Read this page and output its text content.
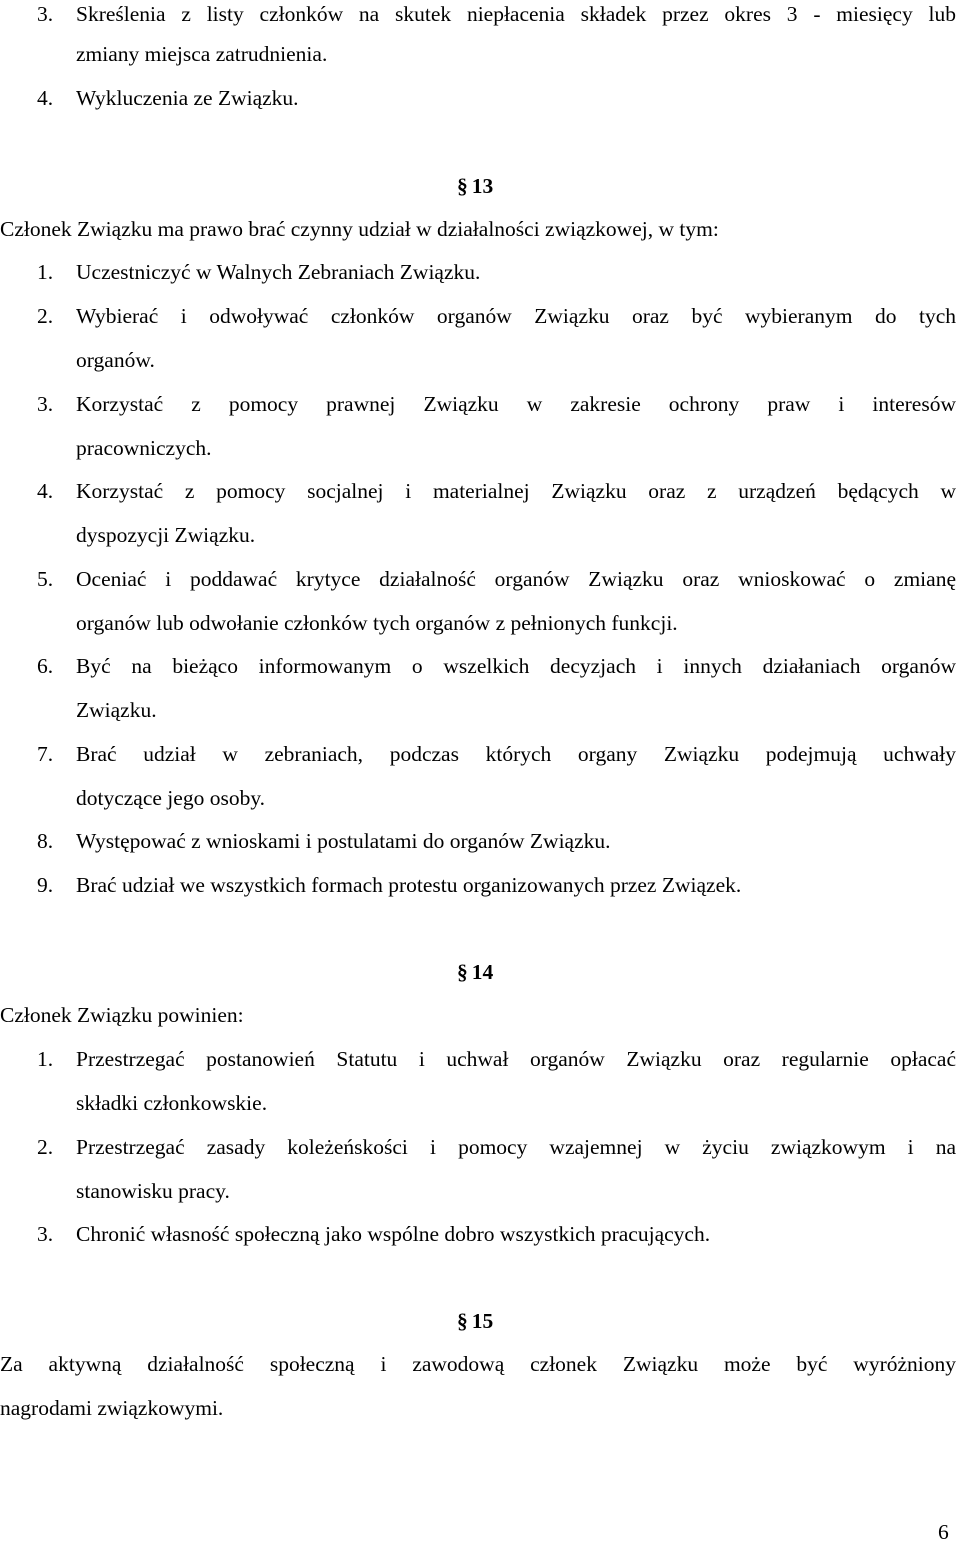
3. Skreślenia z listy członków na skutek niepłacenia składek przez okres 3 - miesięcy lub
zmiany miejsca zatrudnienia.
4. Wykluczenia ze Związku.
§ 13
Członek Związku ma prawo brać czynny udział w działalności związkowej, w tym:
1. Uczestniczyć w Walnych Zebraniach Związku.
2. Wybierać i odwoływać członków organów Związku oraz być wybieranym do tych
organów.
3. Korzystać z pomocy prawnej Związku w zakresie ochrony praw i interesów
pracowniczych.
4. Korzystać z pomocy socjalnej i materialnej Związku oraz z urządzeń będących w
dyspozycji Związku.
5. Oceniać i poddawać krytyce działalność organów Związku oraz wnioskować o zmianę
organów lub odwołanie członków tych organów z pełnionych funkcji.
6. Być na bieżąco informowanym o wszelkich decyzjach i innych działaniach organów
Związku.
7. Brać udział w zebraniach, podczas których organy Związku podejmują uchwały
dotyczące jego osoby.
8. Występować z wnioskami i postulatami do organów Związku.
9. Brać udział we wszystkich formach protestu organizowanych przez Związek.
§ 14
Członek Związku powinien:
1. Przestrzegać postanowień Statutu i uchwał organów Związku oraz regularnie opłacać
składki członkowskie.
2. Przestrzegać zasady koleżeńskości i pomocy wzajemnej w życiu związkowym i na
stanowisku pracy.
3. Chronić własność społeczną jako wspólne dobro wszystkich pracujących.
§ 15
Za aktywną działalność społeczną i zawodową członek Związku może być wyróżniony
nagrodami związkowymi.
6
